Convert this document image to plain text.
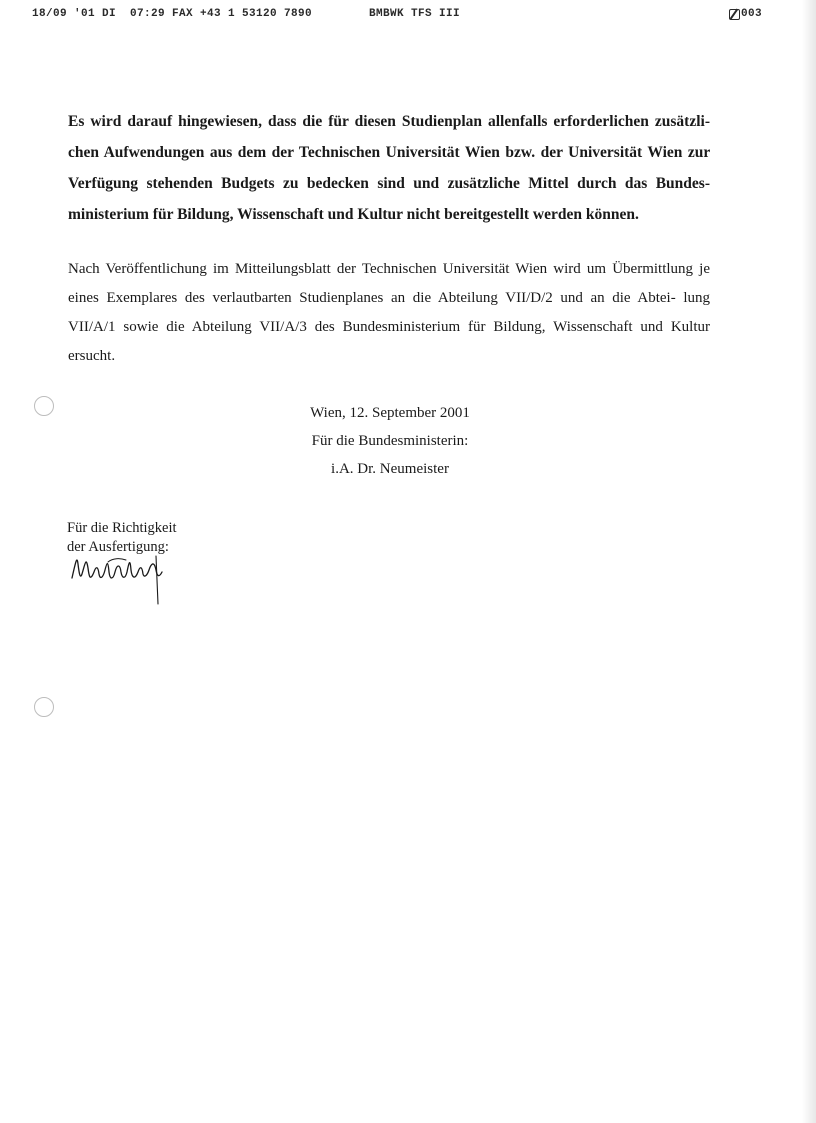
18/09 '01 DI  07:29 FAX +43 1 53120 7890	BMBWK TFS III	003
Es wird darauf hingewiesen, dass die für diesen Studienplan allenfalls erforderlichen zusätzli- chen Aufwendungen aus dem der Technischen Universität Wien bzw. der Universität Wien zur Verfügung stehenden Budgets zu bedecken sind und zusätzliche Mittel durch das Bundes- ministerium für Bildung, Wissenschaft und Kultur nicht bereitgestellt werden können.
Nach Veröffentlichung im Mitteilungsblatt der Technischen Universität Wien wird um Übermittlung je eines Exemplares des verlautbarten Studienplanes an die Abteilung VII/D/2 und an die Abtei- lung VII/A/1 sowie die Abteilung VII/A/3 des Bundesministerium für Bildung, Wissenschaft und Kultur ersucht.
Wien, 12. September 2001
Für die Bundesministerin:
i.A. Dr. Neumeister
Für die Richtigkeit
der Ausfertigung:
